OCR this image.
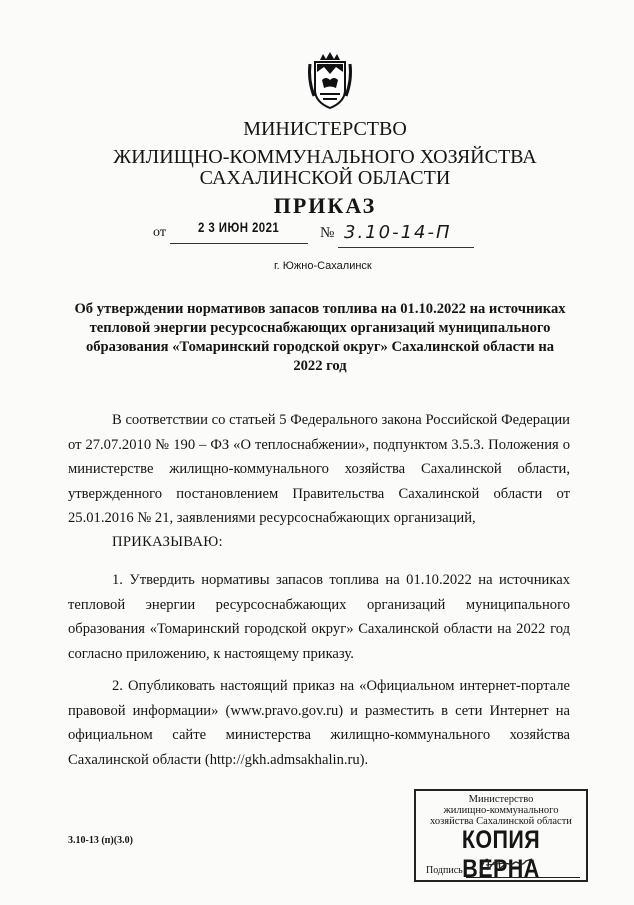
МИНИСТЕРСТВО
ЖИЛИЩНО-КОММУНАЛЬНОГО ХОЗЯЙСТВА
САХАЛИНСКОЙ ОБЛАСТИ
ПРИКАЗ
от 2 3 ИЮН 2021	№ 3.10-14-П
г. Южно-Сахалинск
Об утверждении нормативов запасов топлива на 01.10.2022 на источниках тепловой энергии ресурсоснабжающих организаций муниципального образования «Томаринский городской округ» Сахалинской области на 2022 год
В соответствии со статьей 5 Федерального закона Российской Федерации от 27.07.2010 № 190 – ФЗ «О теплоснабжении», подпунктом 3.5.3. Положения о министерстве жилищно-коммунального хозяйства Сахалинской области, утвержденного постановлением Правительства Сахалинской области от 25.01.2016 № 21, заявлениями ресурсоснабжающих организаций,
ПРИКАЗЫВАЮ:
1. Утвердить нормативы запасов топлива на 01.10.2022 на источниках тепловой энергии ресурсоснабжающих организаций муниципального образования «Томаринский городской округ» Сахалинской области на 2022 год согласно приложению, к настоящему приказу.
2. Опубликовать настоящий приказ на «Официальном интернет-портале правовой информации» (www.pravo.gov.ru) и разместить в сети Интернет на официальном сайте министерства жилищно-коммунального хозяйства Сахалинской области (http://gkh.admsakhalin.ru).
3.10-13 (п)(3.0)
Министерство
жилищно-коммунального
хозяйства Сахалинской области
КОПИЯ ВЕРНА
Подпись
